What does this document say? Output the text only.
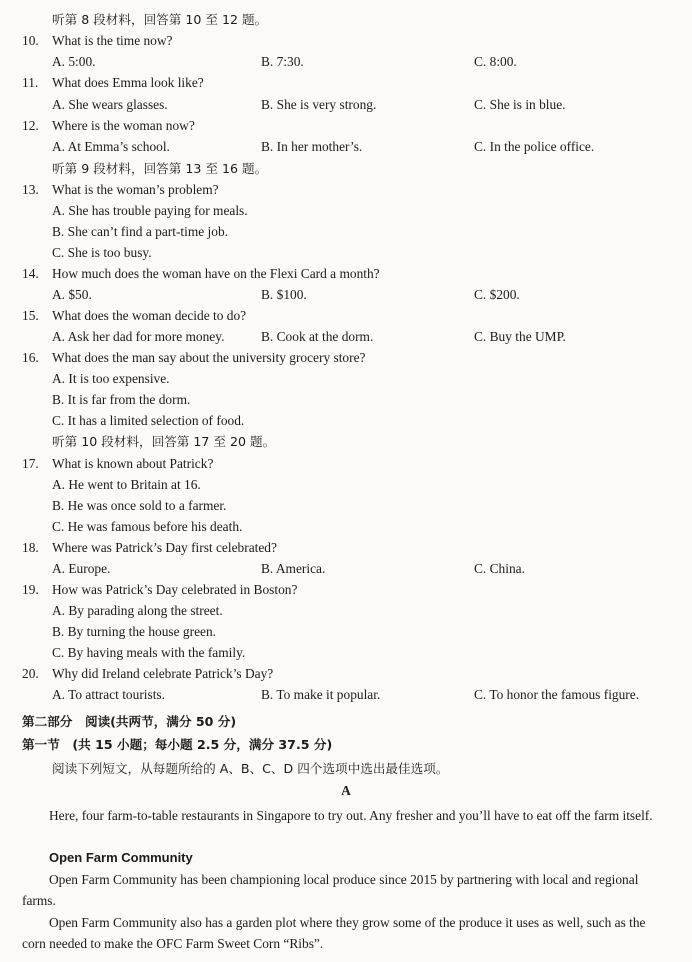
听第 8 段材料，回答第 10 至 12 题。
10. What is the time now?
A. 5:00.	B. 7:30.	C. 8:00.
11. What does Emma look like?
A. She wears glasses.	B. She is very strong.	C. She is in blue.
12. Where is the woman now?
A. At Emma’s school.	B. In her mother’s.	C. In the police office.
听第 9 段材料，回答第 13 至 16 题。
13. What is the woman’s problem?
A. She has trouble paying for meals.
B. She can’t find a part-time job.
C. She is too busy.
14. How much does the woman have on the Flexi Card a month?
A. $50.	B. $100.	C. $200.
15. What does the woman decide to do?
A. Ask her dad for more money.	B. Cook at the dorm.	C. Buy the UMP.
16. What does the man say about the university grocery store?
A. It is too expensive.
B. It is far from the dorm.
C. It has a limited selection of food.
听第 10 段材料，回答第 17 至 20 题。
17. What is known about Patrick?
A. He went to Britain at 16.
B. He was once sold to a farmer.
C. He was famous before his death.
18. Where was Patrick’s Day first celebrated?
A. Europe.	B. America.	C. China.
19. How was Patrick’s Day celebrated in Boston?
A. By parading along the street.
B. By turning the house green.
C. By having meals with the family.
20. Why did Ireland celebrate Patrick’s Day?
A. To attract tourists.	B. To make it popular.	C. To honor the famous figure.
第二部分　阅读(共两节，满分 50 分)
第一节　(共 15 小题；每小题 2.5 分，满分 37.5 分)
阅读下列短文，从每题所给的 A、B、C、D 四个选项中选出最佳选项。
A
Here, four farm-to-table restaurants in Singapore to try out. Any fresher and you’ll have to eat off the farm itself.
Open Farm Community
Open Farm Community has been championing local produce since 2015 by partnering with local and regional farms.
Open Farm Community also has a garden plot where they grow some of the produce it uses as well, such as the corn needed to make the OFC Farm Sweet Corn “Ribs”.
